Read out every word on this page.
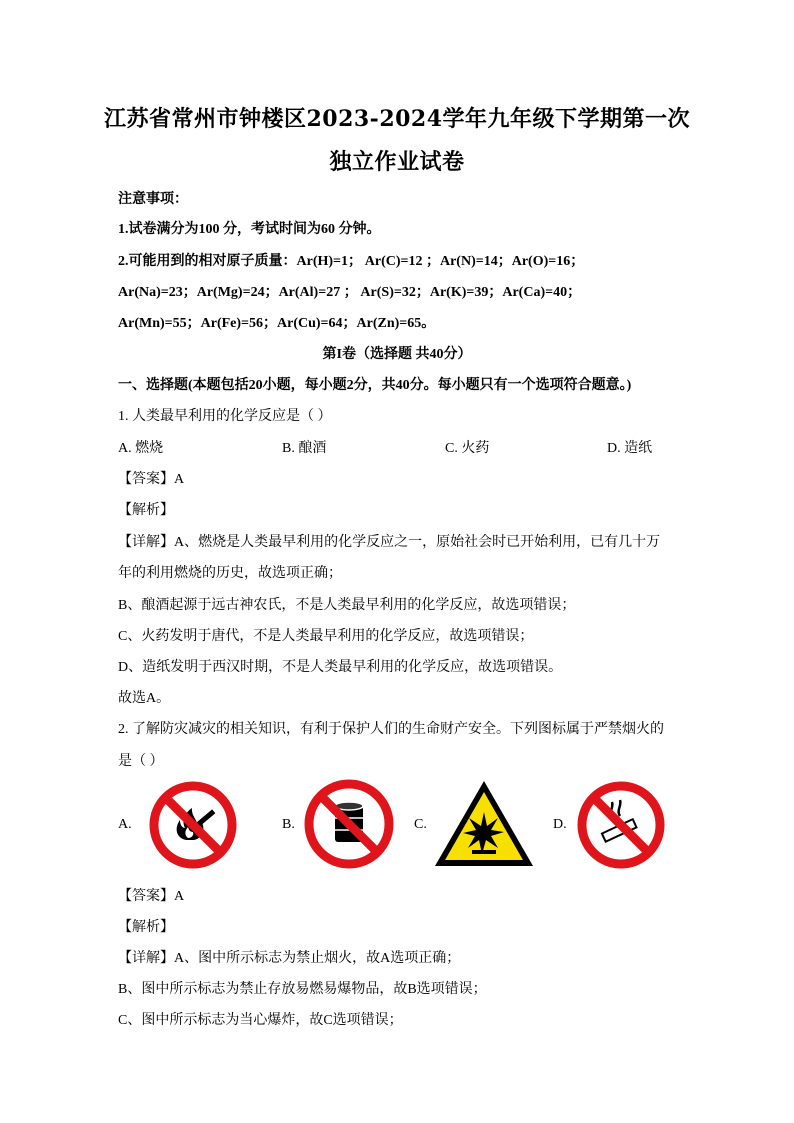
江苏省常州市钟楼区2023-2024学年九年级下学期第一次
独立作业试卷
注意事项：
1.试卷满分为100 分，考试时间为60 分钟。
2.可能用到的相对原子质量：Ar(H)=1； Ar(C)=12 ；Ar(N)=14；Ar(O)=16；
Ar(Na)=23；Ar(Mg)=24；Ar(Al)=27 ； Ar(S)=32；Ar(K)=39；Ar(Ca)=40；
Ar(Mn)=55；Ar(Fe)=56；Ar(Cu)=64；Ar(Zn)=65。
第I卷（选择题 共40分）
一、选择题(本题包括20小题，每小题2分，共40分。每小题只有一个选项符合题意。)
1. 人类最早利用的化学反应是（ ）
A. 燃烧	B. 酿酒	C. 火药	D. 造纸
【答案】A
【解析】
【详解】A、燃烧是人类最早利用的化学反应之一，原始社会时已开始利用，已有几十万
年的利用燃烧的历史，故选项正确；
B、酿酒起源于远古神农氏，不是人类最早利用的化学反应，故选项错误；
C、火药发明于唐代，不是人类最早利用的化学反应，故选项错误；
D、造纸发明于西汉时期，不是人类最早利用的化学反应，故选项错误。
故选A。
2. 了解防灾减灾的相关知识，有利于保护人们的生命财产安全。下列图标属于严禁烟火的
是（ ）
A.	B.	C.	D.
【答案】A
【解析】
【详解】A、图中所示标志为禁止烟火，故A选项正确；
B、图中所示标志为禁止存放易燃易爆物品，故B选项错误；
C、图中所示标志为当心爆炸，故C选项错误；
